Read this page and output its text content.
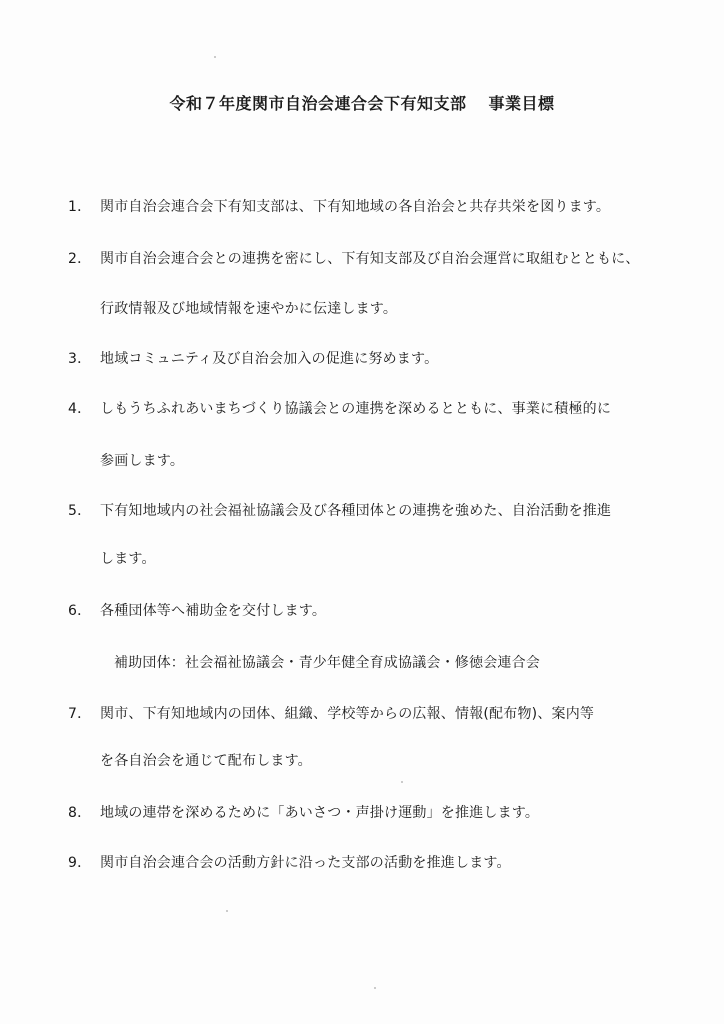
令和７年度関市自治会連合会下有知支部 事業目標
1． 関市自治会連合会下有知支部は、下有知地域の各自治会と共存共栄を図ります。
2． 関市自治会連合会との連携を密にし、下有知支部及び自治会運営に取組むとともに、
行政情報及び地域情報を速やかに伝達します。
3． 地域コミュニティ及び自治会加入の促進に努めます。
4． しもうちふれあいまちづくり協議会との連携を深めるとともに、事業に積極的に
参画します。
5． 下有知地域内の社会福祉協議会及び各種団体との連携を強めた、自治活動を推進
します。
6． 各種団体等へ補助金を交付します。
補助団体：社会福祉協議会・青少年健全育成協議会・修徳会連合会
7． 関市、下有知地域内の団体、組織、学校等からの広報、情報(配布物)、案内等
を各自治会を通じて配布します。
8． 地域の連帯を深めるために「あいさつ・声掛け運動」を推進します。
9． 関市自治会連合会の活動方針に沿った支部の活動を推進します。
